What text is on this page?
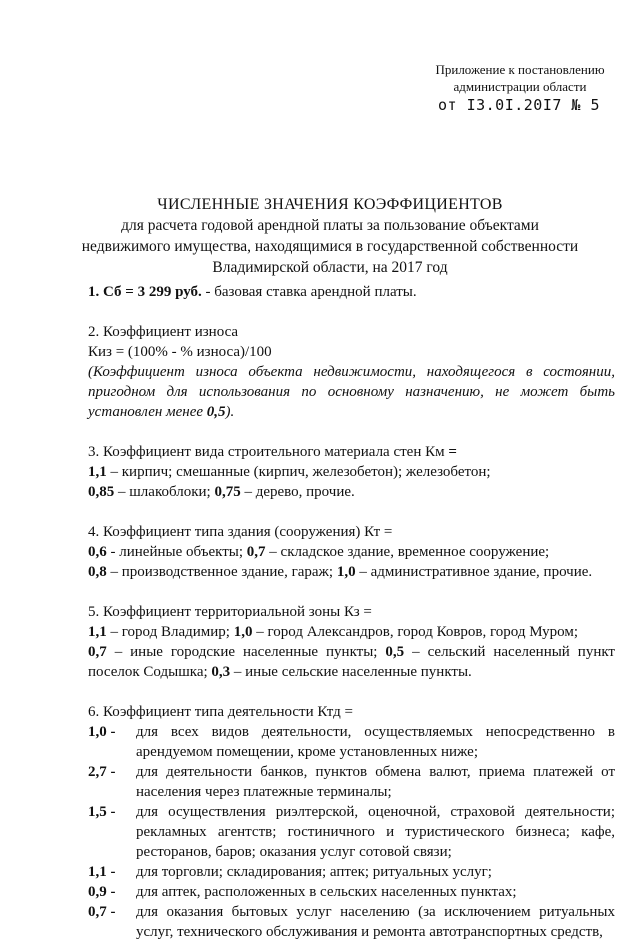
Приложение к постановлению
администрации области
от I3.0I.20I7 № 5
ЧИСЛЕННЫЕ ЗНАЧЕНИЯ КОЭФФИЦИЕНТОВ
для расчета годовой арендной платы за пользование объектами
недвижимого имущества, находящимися в государственной собственности
Владимирской области, на 2017 год

1. Сб = 3 299 руб. - базовая ставка арендной платы.

2. Коэффициент износа

Киз = (100% - % износа)/100

(Коэффициент износа объекта недвижимости, находящегося в состоянии, пригодном для использования по основному назначению, не может быть установлен менее 0,5).

3. Коэффициент вида строительного материала стен Км =

1,1 – кирпич; смешанные (кирпич, железобетон); железобетон;

0,85 – шлакоблоки; 0,75 – дерево, прочие.

4. Коэффициент типа здания (сооружения) Кт =

0,6 - линейные объекты; 0,7 – складское здание, временное сооружение;

0,8 – производственное здание, гараж; 1,0 – административное здание, прочие.

5. Коэффициент территориальной зоны Кз =

1,1 – город Владимир; 1,0 – город Александров, город Ковров, город Муром;

0,7 – иные городские населенные пункты; 0,5 – сельский населенный пункт поселок Содышка; 0,3 – иные сельские населенные пункты.

6. Коэффициент типа деятельности Ктд =

1,0 -	для всех видов деятельности, осуществляемых непосредственно в арендуемом помещении, кроме установленных ниже;
2,7 -	для деятельности банков, пунктов обмена валют, приема платежей от населения через платежные терминалы;
1,5 -	для осуществления риэлтерской, оценочной, страховой деятельности; рекламных агентств; гостиничного и туристического бизнеса; кафе, ресторанов, баров; оказания услуг сотовой связи;
1,1 -	для торговли; складирования; аптек; ритуальных услуг;
0,9 -	для аптек, расположенных в сельских населенных пунктах;
0,7 -	для оказания бытовых услуг населению (за исключением ритуальных услуг, технического обслуживания и ремонта автотранспортных средств,
